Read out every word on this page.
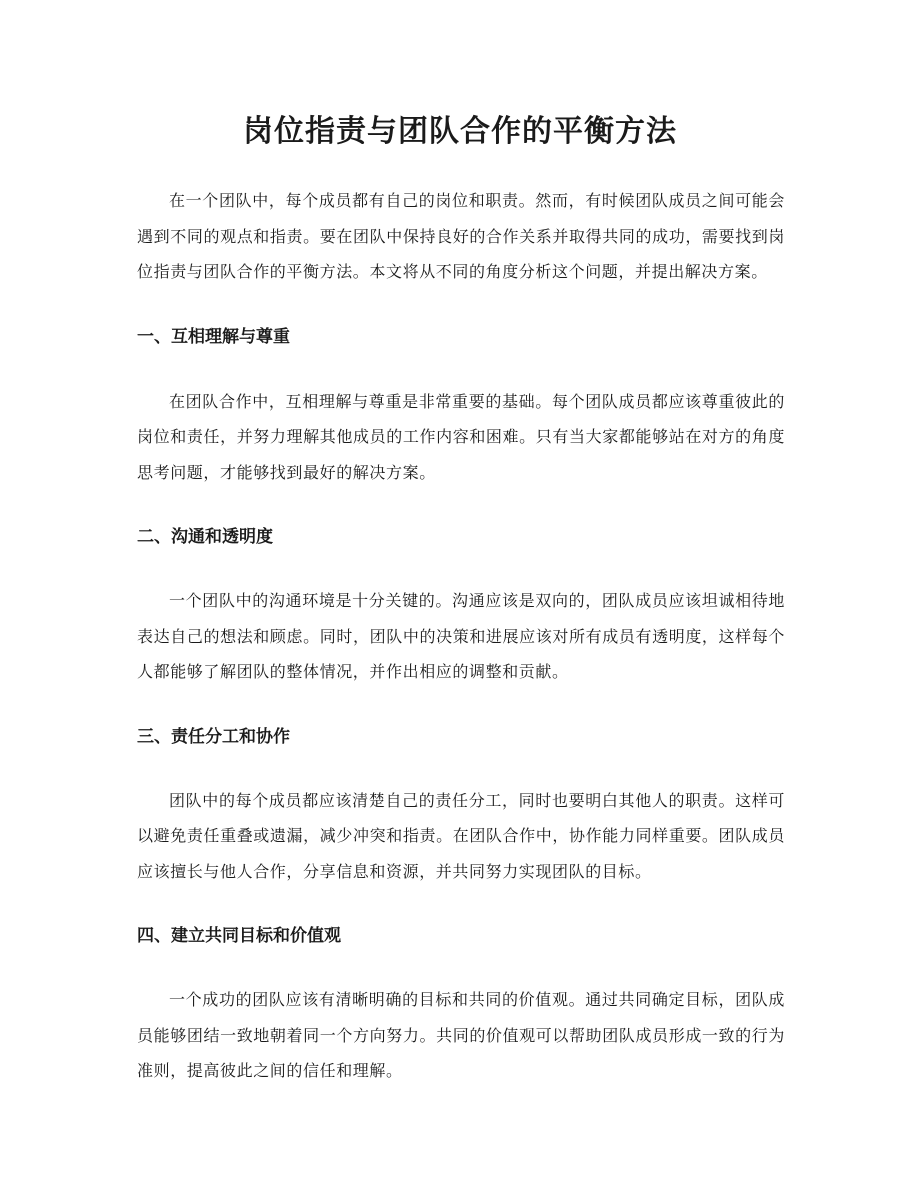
岗位指责与团队合作的平衡方法

在一个团队中，每个成员都有自己的岗位和职责。然而，有时候团队成员之间可能会遇到不同的观点和指责。要在团队中保持良好的合作关系并取得共同的成功，需要找到岗位指责与团队合作的平衡方法。本文将从不同的角度分析这个问题，并提出解决方案。

一、互相理解与尊重

在团队合作中，互相理解与尊重是非常重要的基础。每个团队成员都应该尊重彼此的岗位和责任，并努力理解其他成员的工作内容和困难。只有当大家都能够站在对方的角度思考问题，才能够找到最好的解决方案。

二、沟通和透明度

一个团队中的沟通环境是十分关键的。沟通应该是双向的，团队成员应该坦诚相待地表达自己的想法和顾虑。同时，团队中的决策和进展应该对所有成员有透明度，这样每个人都能够了解团队的整体情况，并作出相应的调整和贡献。

三、责任分工和协作

团队中的每个成员都应该清楚自己的责任分工，同时也要明白其他人的职责。这样可以避免责任重叠或遗漏，减少冲突和指责。在团队合作中，协作能力同样重要。团队成员应该擅长与他人合作，分享信息和资源，并共同努力实现团队的目标。

四、建立共同目标和价值观

一个成功的团队应该有清晰明确的目标和共同的价值观。通过共同确定目标，团队成员能够团结一致地朝着同一个方向努力。共同的价值观可以帮助团队成员形成一致的行为准则，提高彼此之间的信任和理解。
